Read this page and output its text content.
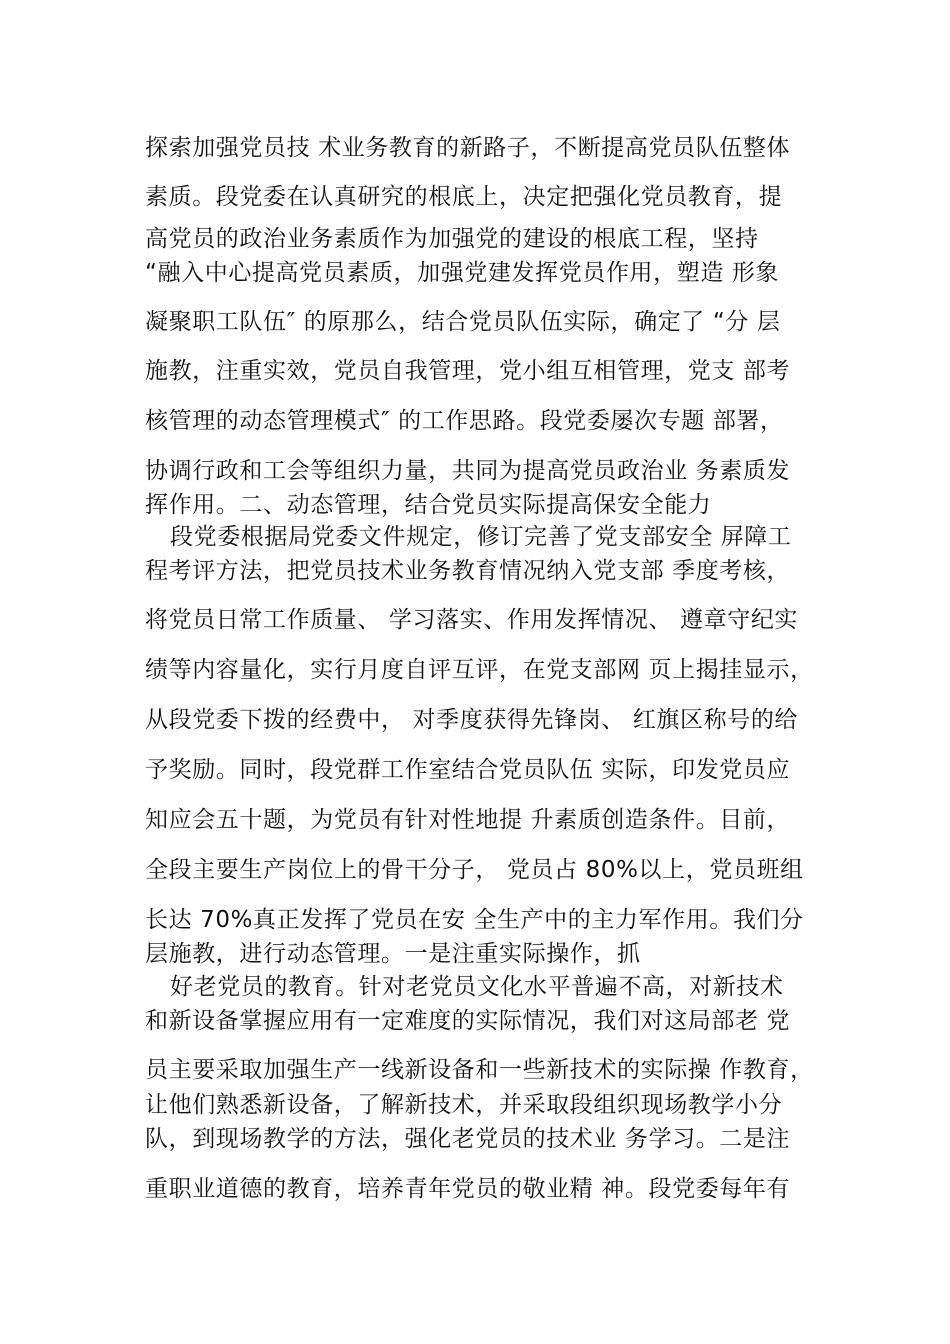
探索加强党员技 术业务教育的新路子，不断提高党员队伍整体
素质。段党委在认真研究的根底上，决定把强化党员教育，提
高党员的政治业务素质作为加强党的建设的根底工程，坚持
“融入中心提高党员素质，加强党建发挥党员作用，塑造 形象
凝聚职工队伍″ 的原那么，结合党员队伍实际，确定了 “分 层
施教，注重实效，党员自我管理，党小组互相管理，党支 部考
核管理的动态管理模式″ 的工作思路。段党委屡次专题 部署，
协调行政和工会等组织力量，共同为提高党员政治业 务素质发
挥作用。二、动态管理，结合党员实际提高保安全能力
段党委根据局党委文件规定，修订完善了党支部安全 屏障工
程考评方法，把党员技术业务教育情况纳入党支部 季度考核，
将党员日常工作质量、 学习落实、作用发挥情况、 遵章守纪实
绩等内容量化，实行月度自评互评，在党支部网 页上揭挂显示，
从段党委下拨的经费中， 对季度获得先锋岗、 红旗区称号的给
予奖励。同时，段党群工作室结合党员队伍 实际，印发党员应
知应会五十题，为党员有针对性地提 升素质创造条件。目前，
全段主要生产岗位上的骨干分子， 党员占 80%以上，党员班组
长达 70%真正发挥了党员在安 全生产中的主力军作用。我们分
层施教，进行动态管理。一是注重实际操作，抓
好老党员的教育。针对老党员文化水平普遍不高，对新技术
和新设备掌握应用有一定难度的实际情况，我们对这局部老 党
员主要采取加强生产一线新设备和一些新技术的实际操 作教育，
让他们熟悉新设备，了解新技术，并采取段组织现场教学小分
队，到现场教学的方法，强化老党员的技术业 务学习。二是注
重职业道德的教育，培养青年党员的敬业精 神。段党委每年有
